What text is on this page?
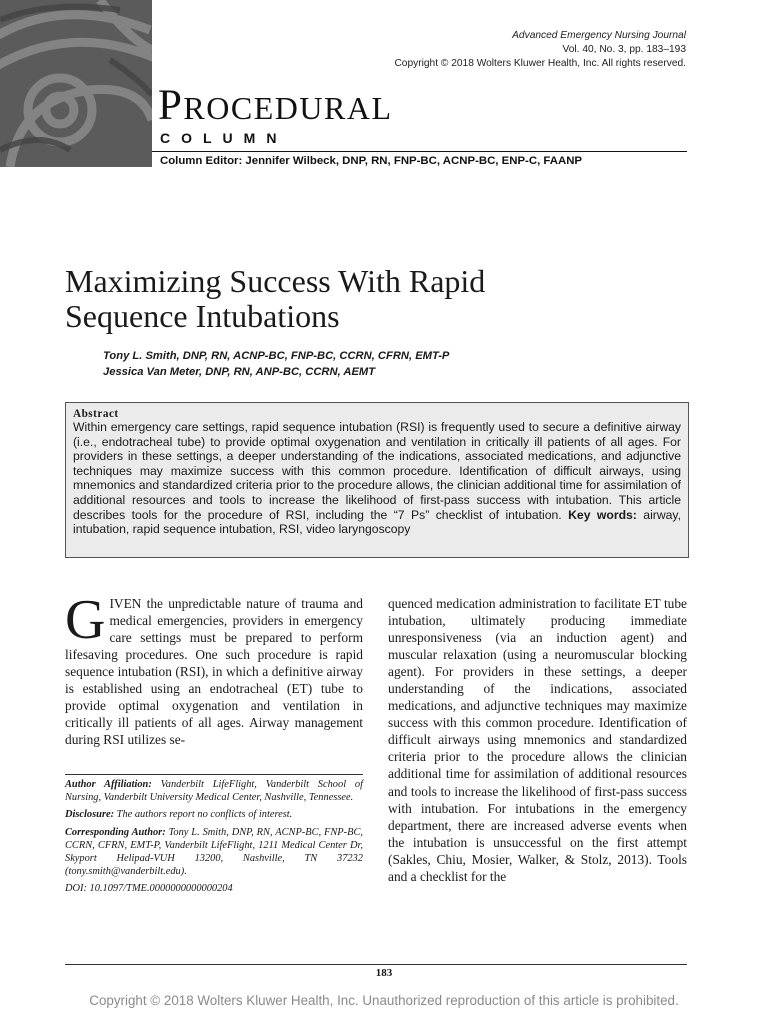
Advanced Emergency Nursing Journal
Vol. 40, No. 3, pp. 183–193
Copyright © 2018 Wolters Kluwer Health, Inc. All rights reserved.
PROCEDURAL
COLUMN
Column Editor: Jennifer Wilbeck, DNP, RN, FNP-BC, ACNP-BC, ENP-C, FAANP
Maximizing Success With Rapid
Sequence Intubations
Tony L. Smith, DNP, RN, ACNP-BC, FNP-BC, CCRN, CFRN, EMT-P
Jessica Van Meter, DNP, RN, ANP-BC, CCRN, AEMT
Abstract
Within emergency care settings, rapid sequence intubation (RSI) is frequently used to secure a definitive airway (i.e., endotracheal tube) to provide optimal oxygenation and ventilation in critically ill patients of all ages. For providers in these settings, a deeper understanding of the indications, associated medications, and adjunctive techniques may maximize success with this common procedure. Identification of difficult airways, using mnemonics and standardized criteria prior to the procedure allows, the clinician additional time for assimilation of additional resources and tools to increase the likelihood of first-pass success with intubation. This article describes tools for the procedure of RSI, including the “7 Ps” checklist of intubation. Key words: airway, intubation, rapid sequence intubation, RSI, video laryngoscopy

GIVEN the unpredictable nature of trauma and medical emergencies, providers in emergency care settings must be prepared to perform lifesaving procedures. One such procedure is rapid sequence intubation (RSI), in which a definitive airway is established using an endotracheal (ET) tube to provide optimal oxygenation and ventilation in critically ill patients of all ages. Airway management during RSI utilizes se-

quenced medication administration to facilitate ET tube intubation, ultimately producing immediate unresponsiveness (via an induction agent) and muscular relaxation (using a neuromuscular blocking agent). For providers in these settings, a deeper understanding of the indications, associated medications, and adjunctive techniques may maximize success with this common procedure. Identification of difficult airways using mnemonics and standardized criteria prior to the procedure allows the clinician additional time for assimilation of additional resources and tools to increase the likelihood of first-pass success with intubation. For intubations in the emergency department, there are increased adverse events when the intubation is unsuccessful on the first attempt (Sakles, Chiu, Mosier, Walker, & Stolz, 2013). Tools and a checklist for the

Author Affiliation: Vanderbilt LifeFlight, Vanderbilt School of Nursing, Vanderbilt University Medical Center, Nashville, Tennessee.

Disclosure: The authors report no conflicts of interest.

Corresponding Author: Tony L. Smith, DNP, RN, ACNP-BC, FNP-BC, CCRN, CFRN, EMT-P, Vanderbilt LifeFlight, 1211 Medical Center Dr, Skyport Helipad-VUH 13200, Nashville, TN 37232 (tony.smith@vanderbilt.edu).

DOI: 10.1097/TME.0000000000000204

183
Copyright © 2018 Wolters Kluwer Health, Inc. Unauthorized reproduction of this article is prohibited.
